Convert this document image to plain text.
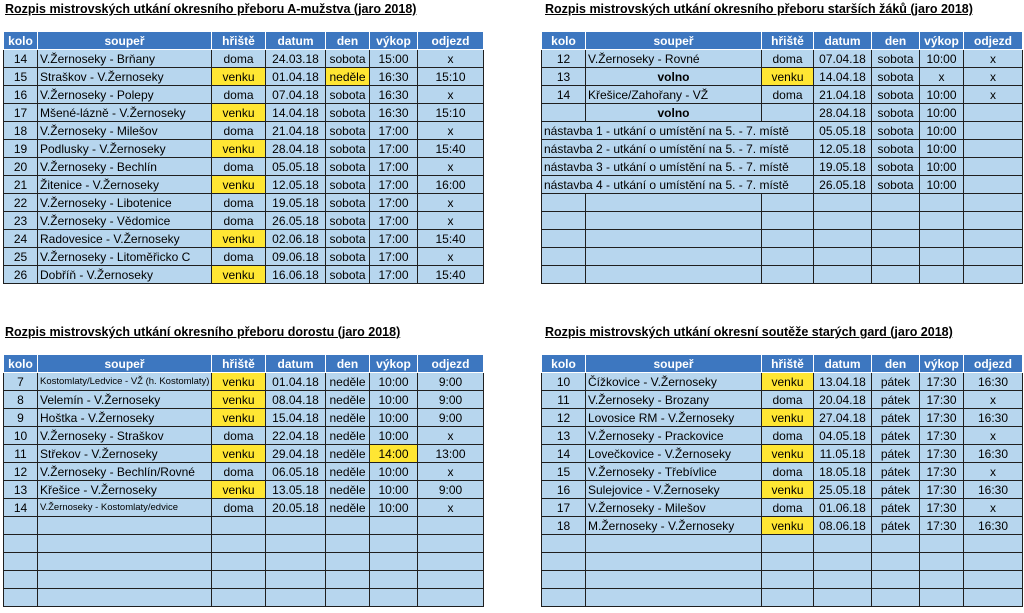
Rozpis mistrovských utkání okresního přeboru A-mužstva (jaro 2018)
kolo	soupeř	hřiště	datum	den	výkop	odjezd
14	V.Žernoseky - Brňany	doma	24.03.18	sobota	15:00	x
15	Straškov - V.Žernoseky	venku	01.04.18	neděle	16:30	15:10
16	V.Žernoseky - Polepy	doma	07.04.18	sobota	16:30	x
17	Mšené-lázně - V.Žernoseky	venku	14.04.18	sobota	16:30	15:10
18	V.Žernoseky - Milešov	doma	21.04.18	sobota	17:00	x
19	Podlusky - V.Žernoseky	venku	28.04.18	sobota	17:00	15:40
20	V.Žernoseky - Bechlín	doma	05.05.18	sobota	17:00	x
21	Žitenice - V.Žernoseky	venku	12.05.18	sobota	17:00	16:00
22	V.Žernoseky - Libotenice	doma	19.05.18	sobota	17:00	x
23	V.Žernoseky - Vědomice	doma	26.05.18	sobota	17:00	x
24	Radovesice - V.Žernoseky	venku	02.06.18	sobota	17:00	15:40
25	V.Žernoseky - Litoměřicko C	doma	09.06.18	sobota	17:00	x
26	Dobříň - V.Žernoseky	venku	16.06.18	sobota	17:00	15:40
Rozpis mistrovských utkání okresního přeboru starších žáků (jaro 2018)
kolo	soupeř	hřiště	datum	den	výkop	odjezd
12	V.Žernoseky - Rovné	doma	07.04.18	sobota	10:00	x
13	volno	venku	14.04.18	sobota	x	x
14	Křešice/Zahořany - VŽ	doma	21.04.18	sobota	10:00	x
	volno		28.04.18	sobota	10:00	
nástavba 1 - utkání o umístění na 5. - 7. místě			05.05.18	sobota	10:00	
nástavba 2 - utkání o umístění na 5. - 7. místě			12.05.18	sobota	10:00	
nástavba 3 - utkání o umístění na 5. - 7. místě			19.05.18	sobota	10:00	
nástavba 4 - utkání o umístění na 5. - 7. místě			26.05.18	sobota	10:00	

Rozpis mistrovských utkání okresního přeboru dorostu (jaro 2018)
kolo	soupeř	hřiště	datum	den	výkop	odjezd
7	Kostomlaty/Ledvice - VŽ (h. Kostomlaty)	venku	01.04.18	neděle	10:00	9:00
8	Velemín - V.Žernoseky	venku	08.04.18	neděle	10:00	9:00
9	Hoštka - V.Žernoseky	venku	15.04.18	neděle	10:00	9:00
10	V.Žernoseky - Straškov	doma	22.04.18	neděle	10:00	x
11	Střekov - V.Žernoseky	venku	29.04.18	neděle	14:00	13:00
12	V.Žernoseky - Bechlín/Rovné	doma	06.05.18	neděle	10:00	x
13	Křešice - V.Žernoseky	venku	13.05.18	neděle	10:00	9:00
14	V.Žernoseky - Kostomlaty/edvice	doma	20.05.18	neděle	10:00	x

Rozpis mistrovských utkání okresní soutěže starých gard (jaro 2018)
kolo	soupeř	hřiště	datum	den	výkop	odjezd
10	Čížkovice - V.Žernoseky	venku	13.04.18	pátek	17:30	16:30
11	V.Žernoseky - Brozany	doma	20.04.18	pátek	17:30	x
12	Lovosice RM - V.Žernoseky	venku	27.04.18	pátek	17:30	16:30
13	V.Žernoseky - Prackovice	doma	04.05.18	pátek	17:30	x
14	Lovečkovice - V.Žernoseky	venku	11.05.18	pátek	17:30	16:30
15	V.Žernoseky - Třebívlice	doma	18.05.18	pátek	17:30	x
16	Sulejovice - V.Žernoseky	venku	25.05.18	pátek	17:30	16:30
17	V.Žernoseky - Milešov	doma	01.06.18	pátek	17:30	x
18	M.Žernoseky - V.Žernoseky	venku	08.06.18	pátek	17:30	16:30
